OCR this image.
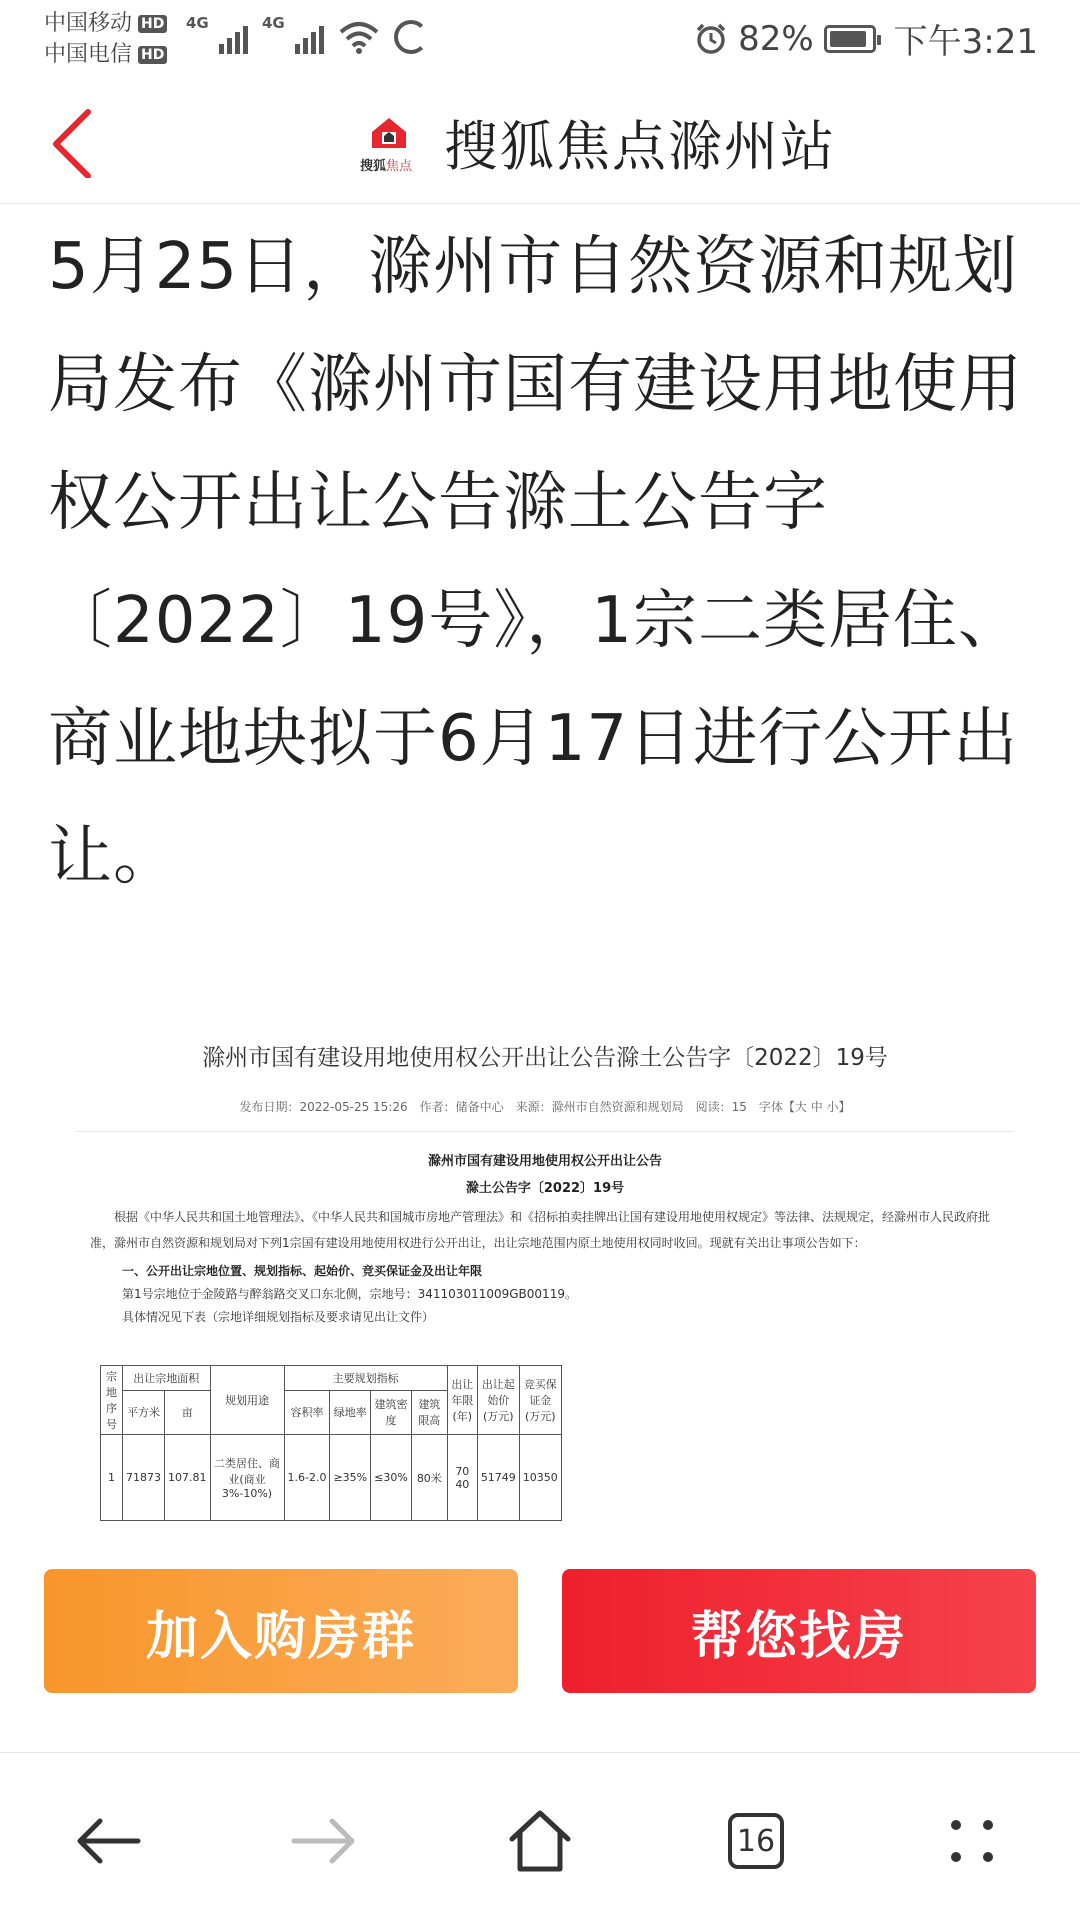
中国移动 HD
中国电信 HD
4G	4G	82% 下午3:21
搜狐焦点 搜狐焦点滁州站
5月25日，滁州市自然资源和规划局发布《滁州市国有建设用地使用权公开出让公告滁土公告字〔2022〕19号》，1宗二类居住、商业地块拟于6月17日进行公开出让。
滁州市国有建设用地使用权公开出让公告滁土公告字〔2022〕19号
发布日期：2022-05-25 15:26　作者：储备中心　来源：滁州市自然资源和规划局　阅读：15　字体【大 中 小】
滁州市国有建设用地使用权公开出让公告
滁土公告字〔2022〕19号
根据《中华人民共和国土地管理法》、《中华人民共和国城市房地产管理法》和《招标拍卖挂牌出让国有建设用地使用权规定》等法律、法规规定，经滁州市人民政府批准，滁州市自然资源和规划局对下列1宗国有建设用地使用权进行公开出让，出让宗地范围内原土地使用权同时收回。现就有关出让事项公告如下：
一、公开出让宗地位置、规划指标、起始价、竞买保证金及出让年限
第1号宗地位于金陵路与醉翁路交叉口东北侧，宗地号：341103011009GB00119。
具体情况见下表（宗地详细规划指标及要求请见出让文件）
宗地序号	出让宗地面积		规划用途	主要规划指标				出让年限(年)	出让起始价(万元)	竞买保证金(万元)
	平方米	亩		容积率	绿地率	建筑密度	建筑限高			
1	71873	107.81	二类居住、商业(商业3%-10%)	1.6-2.0	≥35%	≤30%	80米	70 40	51749	10350
加入购房群	帮您找房
16
